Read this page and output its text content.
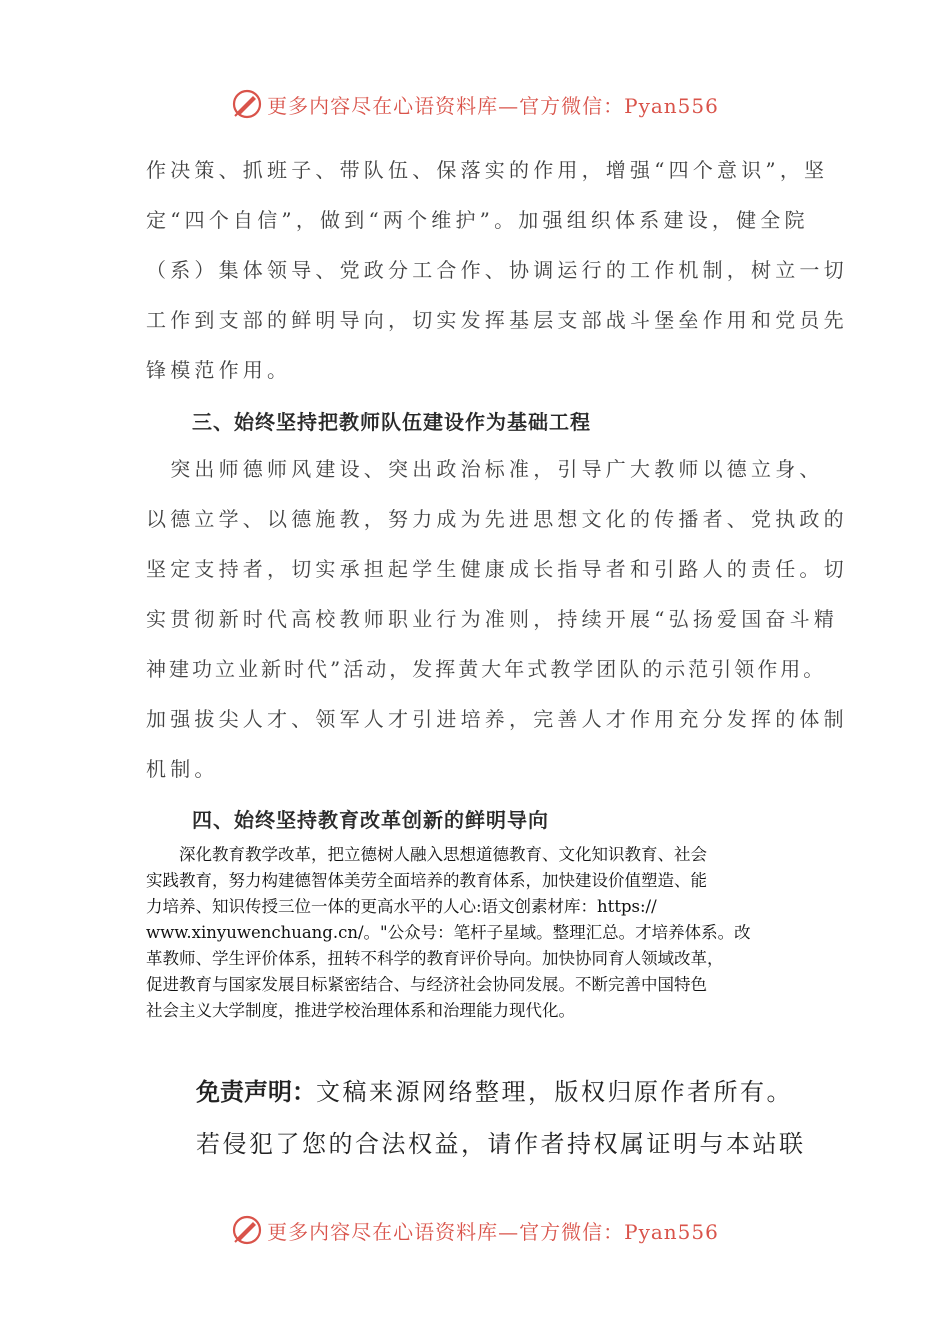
更多内容尽在心语资料库—官方微信：Pyan556
作决策、抓班子、带队伍、保落实的作用，增强“四个意识”，坚
定“四个自信”，做到“两个维护”。加强组织体系建设，健全院
（系）集体领导、党政分工合作、协调运行的工作机制，树立一切
工作到支部的鲜明导向，切实发挥基层支部战斗堡垒作用和党员先
锋模范作用。
三、始终坚持把教师队伍建设作为基础工程
　突出师德师风建设、突出政治标准，引导广大教师以德立身、
以德立学、以德施教，努力成为先进思想文化的传播者、党执政的
坚定支持者，切实承担起学生健康成长指导者和引路人的责任。切
实贯彻新时代高校教师职业行为准则，持续开展“弘扬爱国奋斗精
神建功立业新时代”活动，发挥黄大年式教学团队的示范引领作用。
加强拔尖人才、领军人才引进培养，完善人才作用充分发挥的体制
机制。
四、始终坚持教育改革创新的鲜明导向
　　深化教育教学改革，把立德树人融入思想道德教育、文化知识教育、社会
实践教育，努力构建德智体美劳全面培养的教育体系，加快建设价值塑造、能
力培养、知识传授三位一体的更高水平的人心:语文创素材库：https://
www.xinyuwenchuang.cn/。"公众号：笔杆子星域。整理汇总。才培养体系。改
革教师、学生评价体系，扭转不科学的教育评价导向。加快协同育人领域改革，
促进教育与国家发展目标紧密结合、与经济社会协同发展。不断完善中国特色
社会主义大学制度，推进学校治理体系和治理能力现代化。
免责声明：文稿来源网络整理，版权归原作者所有。
若侵犯了您的合法权益，请作者持权属证明与本站联
更多内容尽在心语资料库—官方微信：Pyan556
